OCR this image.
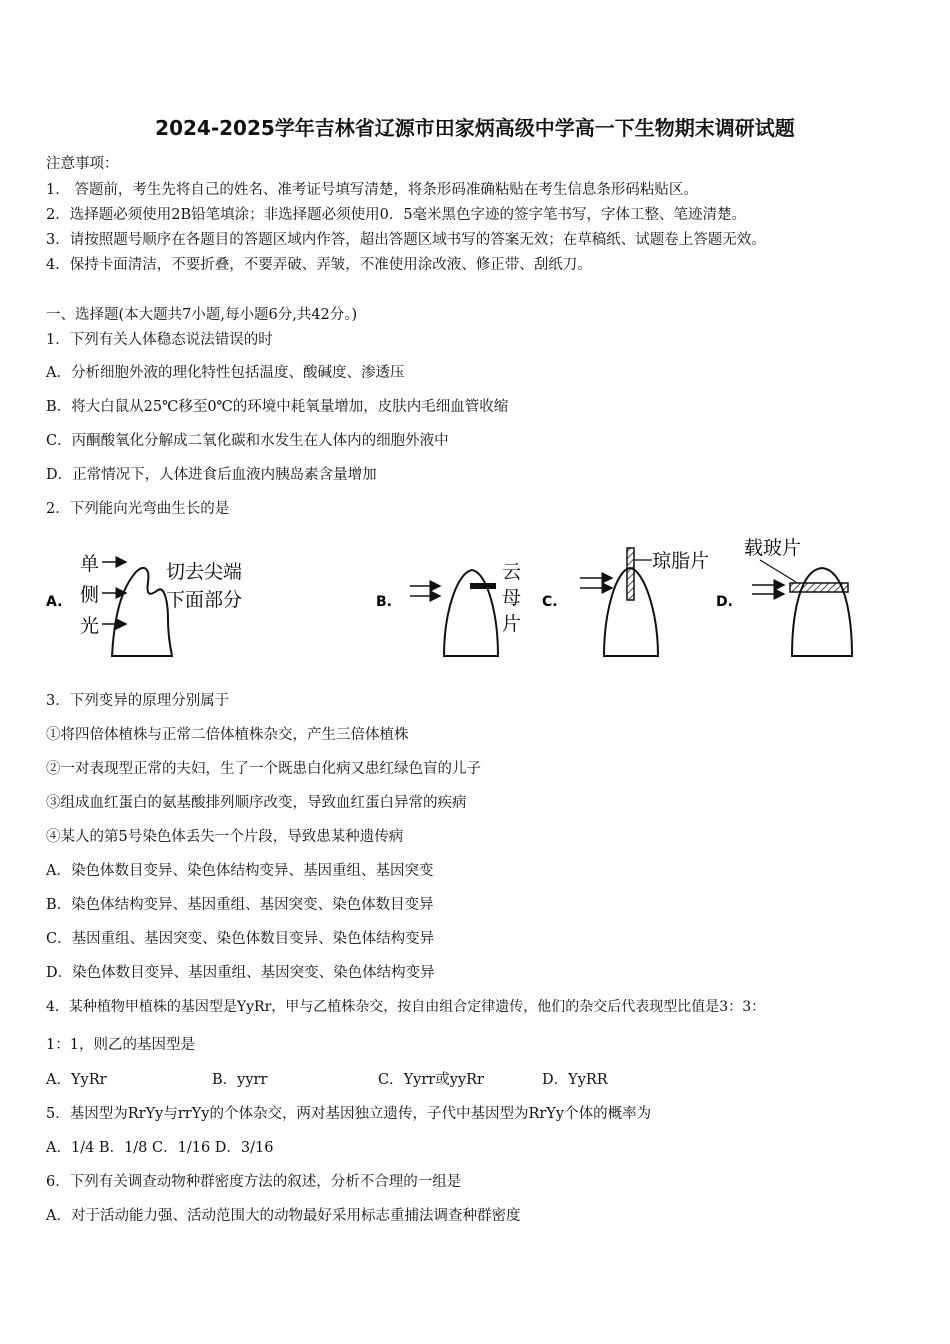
2024-2025学年吉林省辽源市田家炳高级中学高一下生物期末调研试题
注意事项：
1． 答题前，考生先将自己的姓名、准考证号填写清楚，将条形码准确粘贴在考生信息条形码粘贴区。
2．选择题必须使用2B铅笔填涂；非选择题必须使用0．5毫米黑色字迹的签字笔书写，字体工整、笔迹清楚。
3．请按照题号顺序在各题目的答题区域内作答，超出答题区域书写的答案无效；在草稿纸、试题卷上答题无效。
4．保持卡面清洁，不要折叠，不要弄破、弄皱，不准使用涂改液、修正带、刮纸刀。
一、选择题(本大题共7小题,每小题6分,共42分。)
1．下列有关人体稳态说法错误的时
A．分析细胞外液的理化特性包括温度、酸碱度、渗透压
B．将大白鼠从25℃移至0℃的环境中耗氧量增加，皮肤内毛细血管收缩
C．丙酮酸氧化分解成二氧化碳和水发生在人体内的细胞外液中
D．正常情况下，人体进食后血液内胰岛素含量增加
2．下列能向光弯曲生长的是
A.
单
侧
光
切去尖端
下面部分	B.
云
母
片
C.
琼脂片
D.
载玻片
3．下列变异的原理分别属于
①将四倍体植株与正常二倍体植株杂交，产生三倍体植株
②一对表现型正常的夫妇，生了一个既患白化病又患红绿色盲的儿子
③组成血红蛋白的氨基酸排列顺序改变，导致血红蛋白异常的疾病
④某人的第5号染色体丢失一个片段，导致患某种遗传病
A．染色体数目变异、染色体结构变异、基因重组、基因突变
B．染色体结构变异、基因重组、基因突变、染色体数目变异
C．基因重组、基因突变、染色体数目变异、染色体结构变异
D．染色体数目变异、基因重组、基因突变、染色体结构变异
4．某种植物甲植株的基因型是YyRr，甲与乙植株杂交，按自由组合定律遗传，他们的杂交后代表现型比值是3：3：
1：1，则乙的基因型是
A．YyRr	B．yyrr	C．Yyrr或yyRr	D．YyRR
5．基因型为RrYy与rrYy的个体杂交，两对基因独立遗传，子代中基因型为RrYy个体的概率为
A．1/4 B．1/8 C．1/16 D．3/16
6．下列有关调查动物种群密度方法的叙述，分析不合理的一组是
A．对于活动能力强、活动范围大的动物最好采用标志重捕法调查种群密度
